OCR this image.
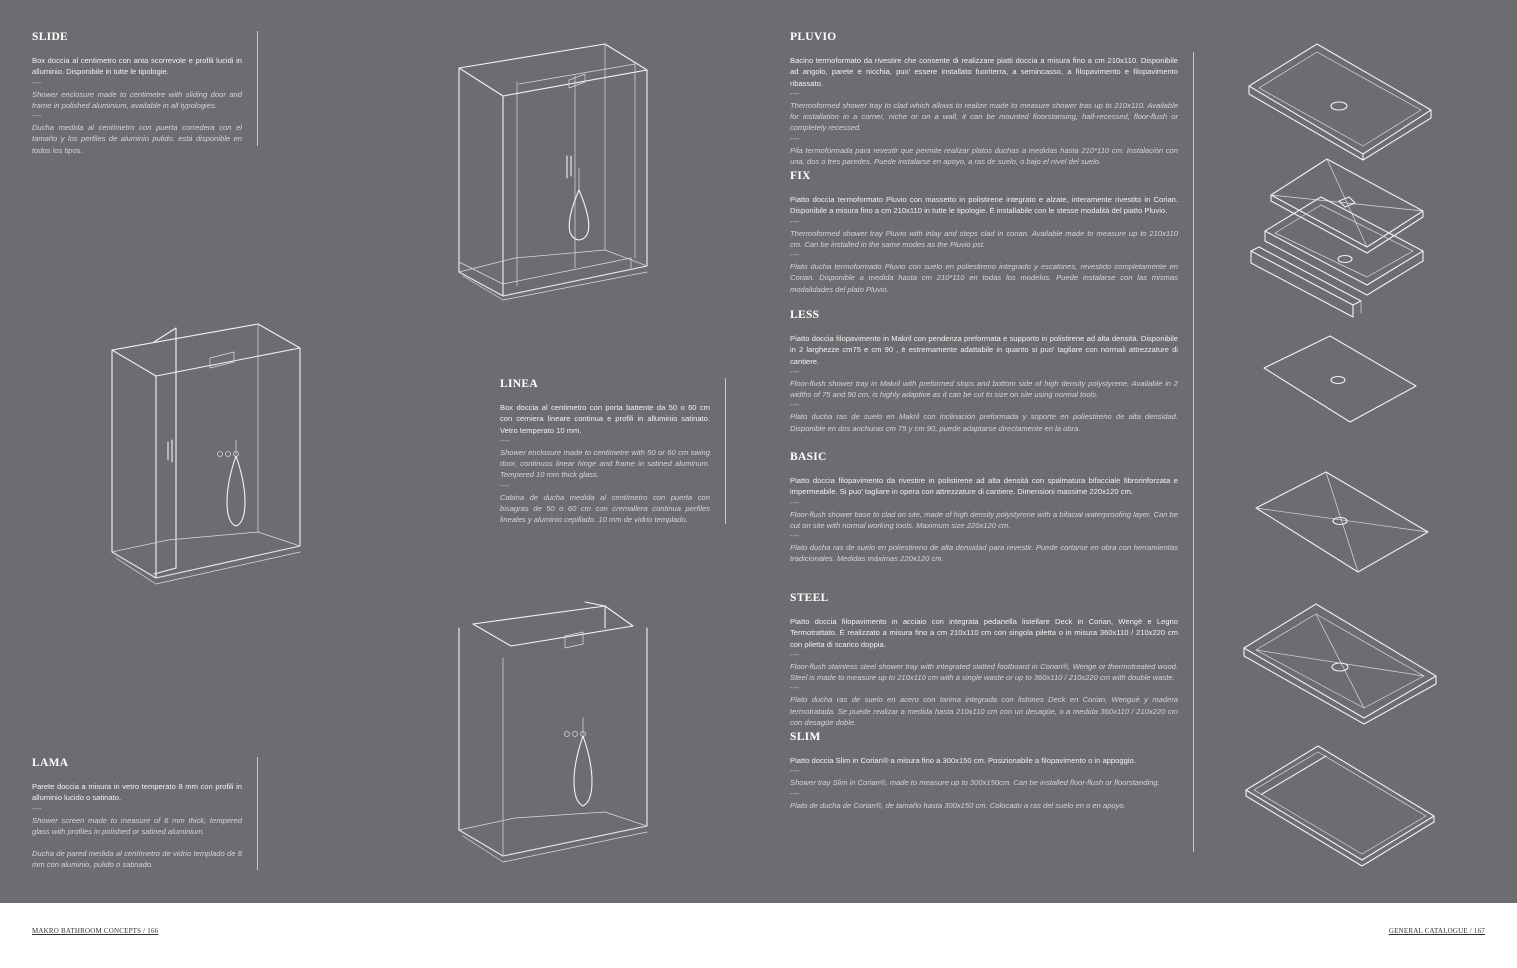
SLIDE

Box doccia al centimetro con anta scorrevole e profili lucidi in alluminio. Disponibile in tutte le tipologie.

----

Shower enclosure made to centimetre with sliding door and frame in polished aluminium, available in all typologies.

----

Ducha medida al centímetro con puerta corredera con el tamaño y los perfiles de aluminio pulido. está disponible en todos los tipos.

LINEA

Box doccia al centimetro con porta battente da 50 o 60 cm con cerniera lineare continua e profili in alluminio satinato. Vetro temperato 10 mm.

----

Shower enclosure made to centimetre with 50 or 60 cm swing door, continuos linear hinge and frame in satined aluminum. Tempered 10 mm thick glass.

----

Cabina de ducha medida al centímetro con puerta con bisagras de 50 o 60 cm con cremallera continua perfiles lineales y aluminio cepillado. 10 mm de vidrio templado.

LAMA

Parete doccia a misura in vetro temperato 8 mm con profili in alluminio lucido o satinato.

----

Shower screen made to measure of 8 mm thick, tempered glass with profiles in polished or satined aluminium.

Ducha de pared medida al centímetro de vidrio templado de 8 mm con aluminio, pulido o satinado.

PLUVIO

Bacino termoformato da rivestire che consente di realizzare piatti doccia a misura fino a cm 210x110. Disponibile ad angolo, parete e nicchia, puo' essere installato fuoriterra, a semincasso, a filopavimento e filopavimento ribassato.

----

Thermoformed shower tray to clad which allows to realize made to measure shower tras up to 210x110. Available for installation in a corner, niche or on a wall, it can be mounted floorstansing, half-recessed, floor-flush or completely recessed.

----

Pila termoformada para revestir que permite realizar platos duchas a medidas hasta 210*110 cm. Instalación con una, dos o tres paredes. Puede instalarse en apoyo, a ras de suelo, o bajo el nivel del suelo.

FIX

Piatto doccia termoformato Pluvio con massetto in polistirene integrato e alzate, interamente rivestito in Corian. Disponibile a misura fino a cm 210x110 in tutte le tipologie. È installabile con le stesse modalità del piatto Pluvio.

----

Thermoformed shower tray Pluvio with inlay and steps clad in corian. Available made to measure up to 210x110 cm. Can be installed in the same modes as the Pluvio pst.

----

Plato ducha termoformado Pluvio con suelo en poliestireno integrado y escalones, revestido completamente en Corian. Disponible a medida hasta cm 210*110 en todas los modelos. Puede instalarse con las mismas modalidades del plato Pluvio.

LESS

Piatto doccia filopavimento in Makril con pendenza preformata e supporto in polistirene ad alta densità. Disponibile in 2 larghezze cm75 e cm 90 , è estremamente adattabile in quanto si puo' tagliare con normali attrezzature di cantiere.

----

Floor-flush shower tray in Makril with preformed slops and bottom side of high density polystyrene. Available in 2 widths of 75 and 90 cm, is highly adaptive as it can be cut to size on site using normal tools.

----

Plato ducha ras de suelo en Makril con inclinación preformada y soporte en poliestireno de alta densidad. Disponible en dos anchuras cm 75 y cm 90, puede adaptarse directamente en la obra.

BASIC

Piatto doccia filopavimento da rivestire in polistirene ad alta densità con spalmatura bifacciale fibrorinforzata e impermeabile. Si puo' tagliare in opera con attrezzature di cantiere. Dimensioni massime 220x120 cm.

----

Floor-flush shower base to clad on site, made of high density polystyrene with a bifacial waterproofing layer. Can be cut on site with normal working tools. Maximum size 220x120 cm.

----

Plato ducha ras de suelo en poliestireno de alta densidad para revestir. Puede cortarse en obra con herramientas tradicionales. Medidas máximas 220x120 cm.

STEEL

Piatto doccia filopavimento in acciaio con integrata pedanella listellare Deck in Corian, Wengè e Legno Termotrattato. È realizzato a misura fino a cm 210x110 cm con singola piletta o in misura 360x110 / 210x220 cm con piletta di scarico doppia.

----

Floor-flush stainless steel shower tray with integrated slatted footboard in Corian®, Wenge or thermotreated wood. Steel is made to measure up to 210x110 cm with a single waste or up to 360x110 / 210x220 cm with double waste.

----

Plato ducha ras de suelo en acero con tarima integrada con listones Deck en Corian, Wenguè y madera termotratada. Se puede realizar a medida hasta 210x110 cm con un desagüe, o a medida 360x110 / 210x220 cm con desagüe doble.

SLIM

Piatto doccia Slim in Corian® a misura fino a 300x150 cm. Posizionabile a filopavimento o in appoggio.

----

Shower tray Slim in Corian®, made to measure up to 300x150cm. Can be installed floor-flush or floorstanding.

----

Plato de ducha de Corian®, de tamaño hasta 300x150 cm. Colocado a ras del suelo en o en apoyo.

MAKRO BATHROOM CONCEPTS / 166	GENERAL CATALOGUE / 167
